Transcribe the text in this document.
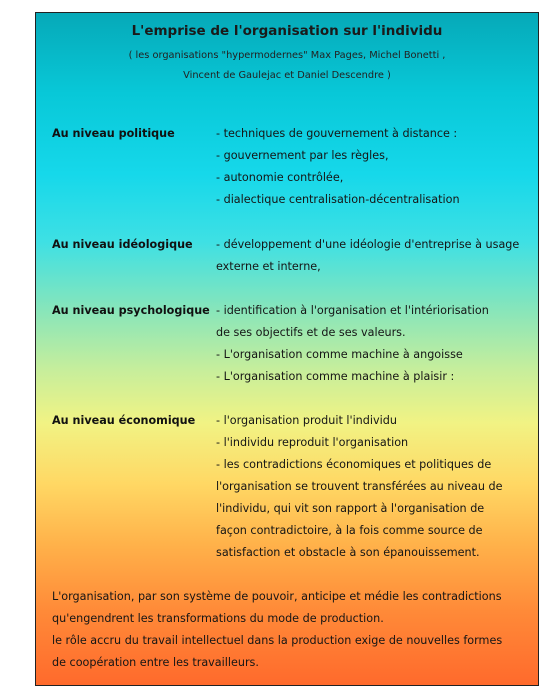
L'emprise de l'organisation sur l'individu

( les organisations "hypermodernes" Max Pages, Michel Bonetti ,
Vincent de Gaulejac et Daniel Descendre )

Au niveau politique	- techniques de gouvernement à distance :
- gouvernement par les règles,
- autonomie contrôlée,
- dialectique centralisation-décentralisation
Au niveau idéologique - développement d'une idéologie d'entreprise à usage
externe et interne,
Au niveau psychologique - identification à l'organisation et l'intériorisation
de ses objectifs et de ses valeurs.
- L'organisation comme machine à angoisse
- L'organisation comme machine à plaisir :
Au niveau économique - l'organisation produit l'individu
- l'individu reproduit l'organisation
- les contradictions économiques et politiques de
l'organisation se trouvent transférées au niveau de
l'individu, qui vit son rapport à l'organisation de
façon contradictoire, à la fois comme source de
satisfaction et obstacle à son épanouissement.
L'organisation, par son système de pouvoir, anticipe et médie les contradictions
qu'engendrent les transformations du mode de production.
le rôle accru du travail intellectuel dans la production exige de nouvelles formes
de coopération entre les travailleurs.
